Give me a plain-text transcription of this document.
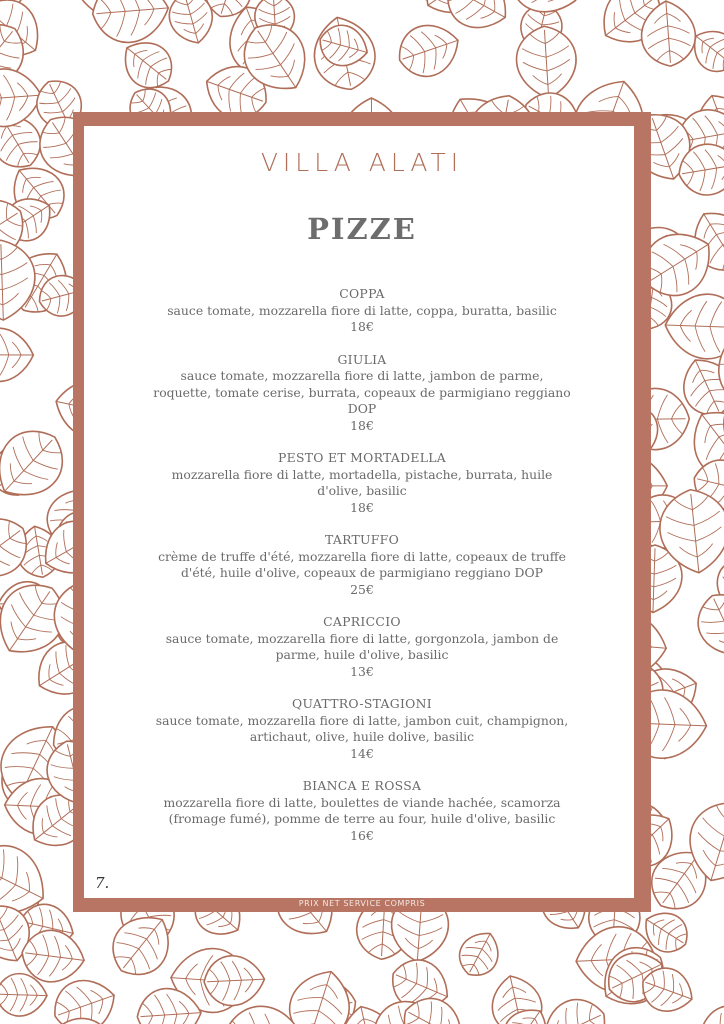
VILLA ALATI
PIZZE
COPPA
sauce tomate, mozzarella fiore di latte, coppa, buratta, basilic
18€
GIULIA
sauce tomate, mozzarella fiore di latte, jambon de parme, roquette, tomate cerise, burrata, copeaux de parmigiano reggiano DOP
18€
PESTO ET MORTADELLA
mozzarella fiore di latte, mortadella, pistache, burrata, huile d'olive, basilic
18€
TARTUFFO
crème de truffe d'été, mozzarella fiore di latte, copeaux de truffe d'été, huile d'olive, copeaux de parmigiano reggiano DOP
25€
CAPRICCIO
sauce tomate, mozzarella fiore di latte, gorgonzola, jambon de parme, huile d'olive, basilic
13€
QUATTRO-STAGIONI
sauce tomate, mozzarella fiore di latte, jambon cuit, champignon, artichaut, olive, huile dolive, basilic
14€
BIANCA E ROSSA
mozzarella fiore di latte, boulettes de viande hachée, scamorza (fromage fumé), pomme de terre au four, huile d'olive, basilic
16€
7.
PRIX NET SERVICE COMPRIS
